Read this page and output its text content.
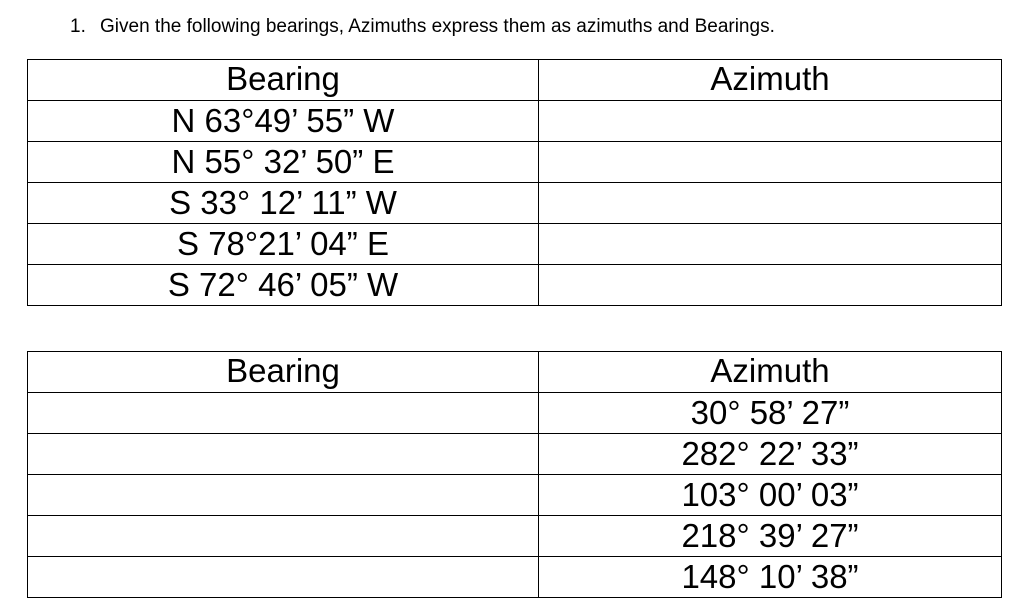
1. Given the following bearings, Azimuths express them as azimuths and Bearings.
Bearing	Azimuth
N 63°49’ 55” W	
N 55° 32’ 50” E	
S 33° 12’ 11” W	
S 78°21’ 04” E	
S 72° 46’ 05” W	
Bearing	Azimuth
	30° 58’ 27”
	282° 22’ 33”
	103° 00’ 03”
	218° 39’ 27”
	148° 10’ 38”
